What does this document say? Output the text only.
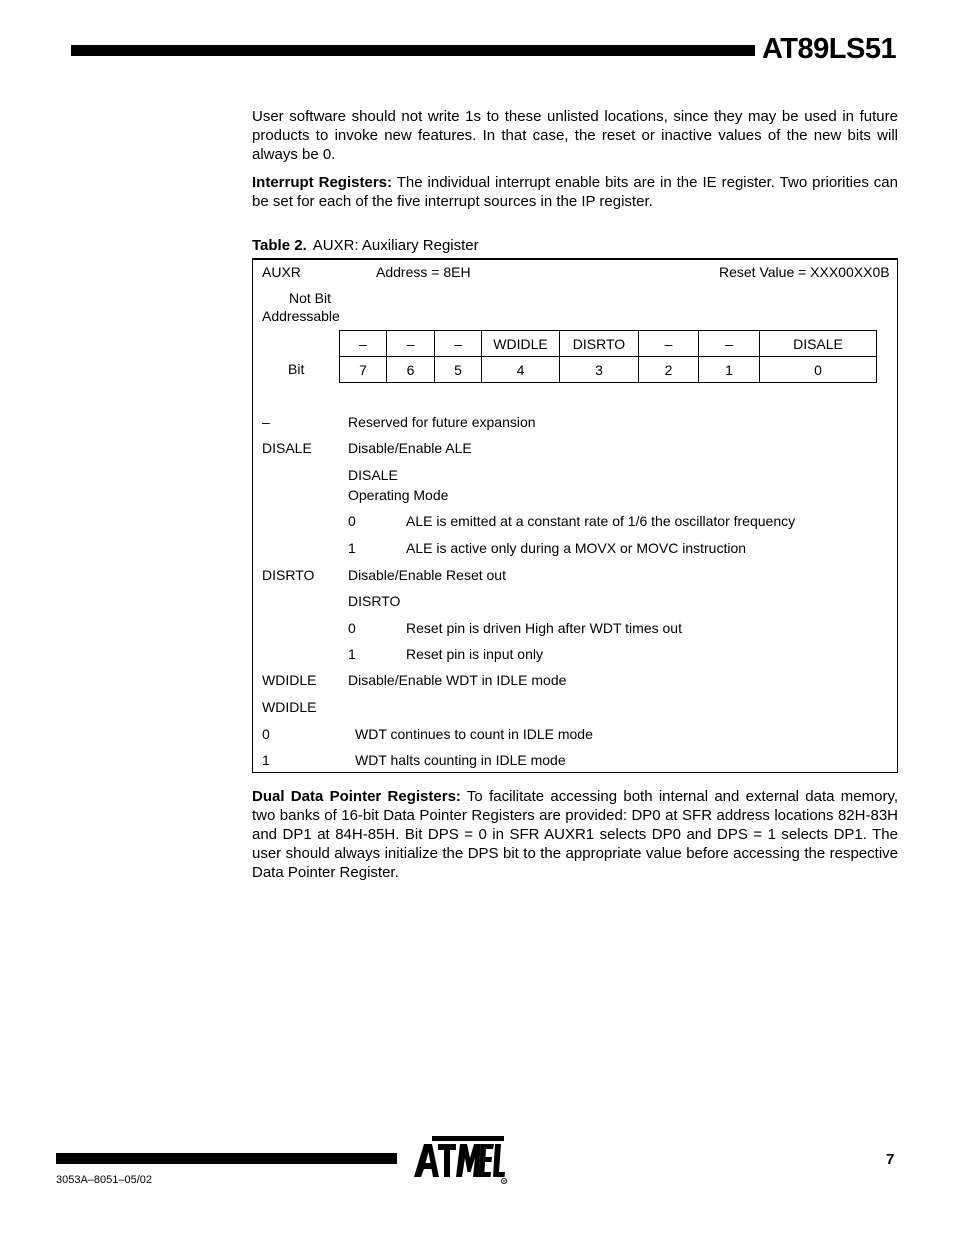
AT89LS51

User software should not write 1s to these unlisted locations, since they may be used in future products to invoke new features. In that case, the reset or inactive values of the new bits will always be 0.

Interrupt Registers: The individual interrupt enable bits are in the IE register. Two priorities can be set for each of the five interrupt sources in the IP register.

Table 2. AUXR: Auxiliary Register
AUXR	Address = 8EH	Reset Value = XXX00XX0B
Not Bit
Addressable
Bit
–	–	–	WDIDLE	DISRTO	–	–	DISALE
7	6	5	4	3	2	1	0
–	Reserved for future expansion
DISALE	Disable/Enable ALE
DISALE
Operating Mode
0	ALE is emitted at a constant rate of 1/6 the oscillator frequency
1	ALE is active only during a MOVX or MOVC instruction
DISRTO Disable/Enable Reset out
DISRTO
0	Reset pin is driven High after WDT times out
1	Reset pin is input only
WDIDLE Disable/Enable WDT in IDLE mode
WDIDLE
0	WDT continues to count in IDLE mode
1	WDT halts counting in IDLE mode

Dual Data Pointer Registers: To facilitate accessing both internal and external data memory, two banks of 16-bit Data Pointer Registers are provided: DP0 at SFR address locations 82H-83H and DP1 at 84H-85H. Bit DPS = 0 in SFR AUXR1 selects DP0 and DPS = 1 selects DP1. The user should always initialize the DPS bit to the appropriate value before accessing the respective Data Pointer Register.

3053A–8051–05/02
7
R
